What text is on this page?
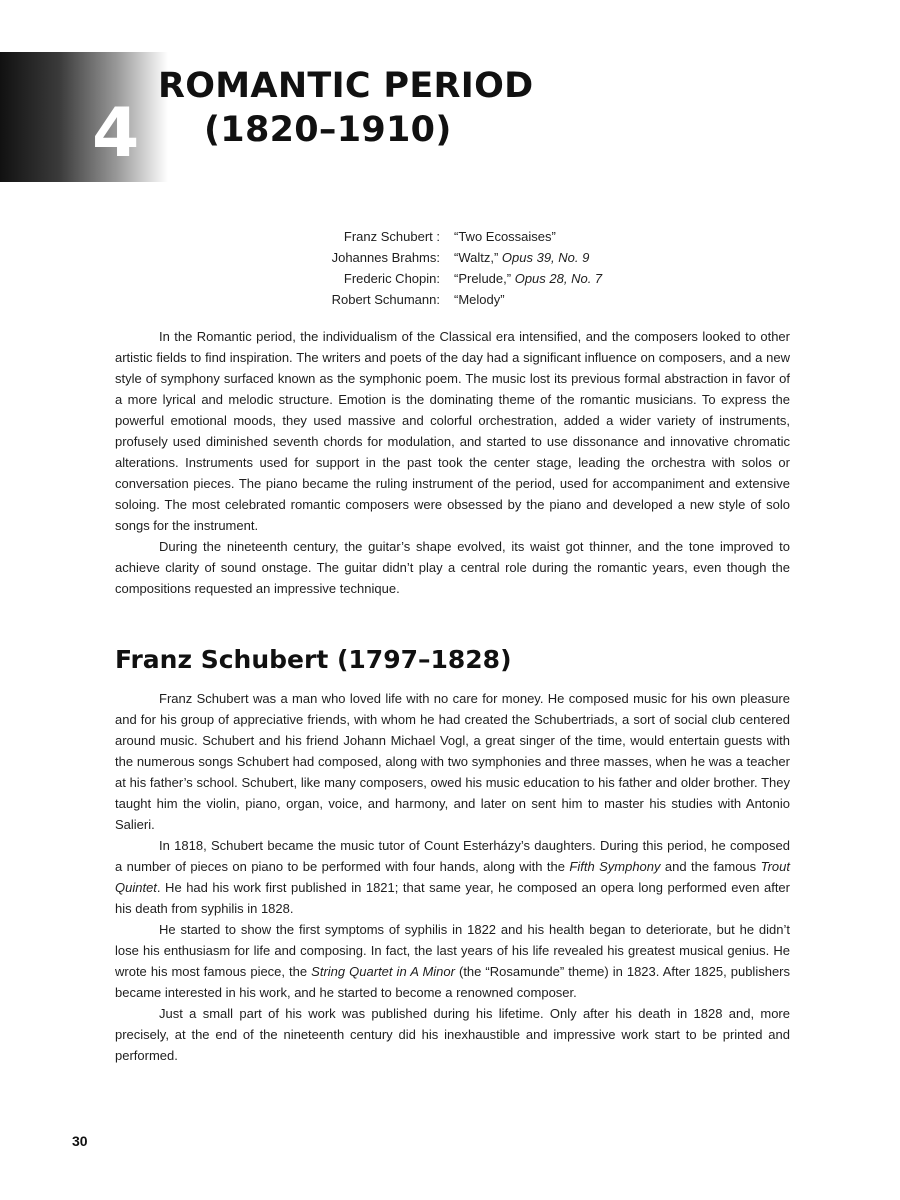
4
ROMANTIC PERIOD
(1820–1910)
Franz Schubert :	“Two Ecossaises”
Johannes Brahms:	“Waltz,” Opus 39, No. 9
Frederic Chopin:	“Prelude,” Opus 28, No. 7
Robert Schumann:	“Melody”

In the Romantic period, the individualism of the Classical era intensified, and the composers looked to other artistic fields to find inspiration. The writers and poets of the day had a significant influence on composers, and a new style of symphony surfaced known as the symphonic poem. The music lost its previous formal abstraction in favor of a more lyrical and melodic structure. Emotion is the dominating theme of the romantic musicians. To express the powerful emotional moods, they used massive and colorful orchestration, added a wider variety of instruments, profusely used diminished seventh chords for modulation, and started to use dissonance and innovative chromatic alterations. Instruments used for support in the past took the center stage, leading the orchestra with solos or conversation pieces. The piano became the ruling instrument of the period, used for accompaniment and extensive soloing. The most celebrated romantic composers were obsessed by the piano and developed a new style of solo songs for the instrument.

During the nineteenth century, the guitar’s shape evolved, its waist got thinner, and the tone improved to achieve clarity of sound onstage. The guitar didn’t play a central role during the romantic years, even though the compositions requested an impressive technique.

Franz Schubert (1797–1828)

Franz Schubert was a man who loved life with no care for money. He composed music for his own pleasure and for his group of appreciative friends, with whom he had created the Schubertriads, a sort of social club centered around music. Schubert and his friend Johann Michael Vogl, a great singer of the time, would entertain guests with the numerous songs Schubert had composed, along with two symphonies and three masses, when he was a teacher at his father’s school. Schubert, like many composers, owed his music education to his father and older brother. They taught him the violin, piano, organ, voice, and harmony, and later on sent him to master his studies with Antonio Salieri.

In 1818, Schubert became the music tutor of Count Esterházy’s daughters. During this period, he composed a number of pieces on piano to be performed with four hands, along with the Fifth Symphony and the famous Trout Quintet. He had his work first published in 1821; that same year, he composed an opera long performed even after his death from syphilis in 1828.

He started to show the first symptoms of syphilis in 1822 and his health began to deteriorate, but he didn’t lose his enthusiasm for life and composing. In fact, the last years of his life revealed his greatest musical genius. He wrote his most famous piece, the String Quartet in A Minor (the “Rosamunde” theme) in 1823. After 1825, publishers became interested in his work, and he started to become a renowned composer.

Just a small part of his work was published during his lifetime. Only after his death in 1828 and, more precisely, at the end of the nineteenth century did his inexhaustible and impressive work start to be printed and performed.

30
